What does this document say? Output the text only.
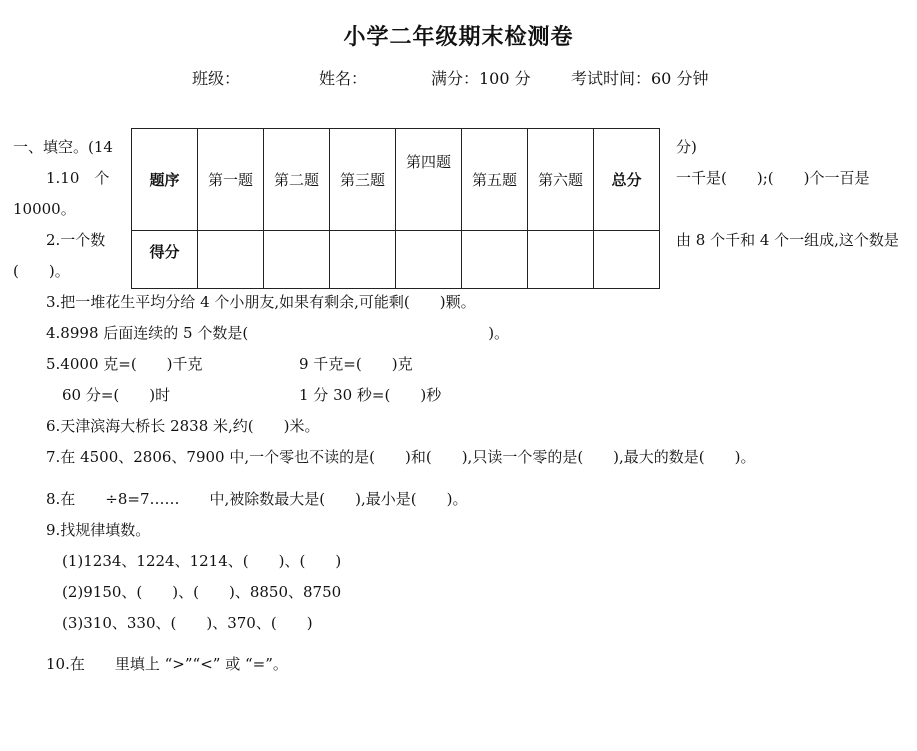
小学二年级期末检测卷
班级：	姓名：	满分：100 分	考试时间：60 分钟
一、填空。(14	分)
1.10　个	一千是(　　);(　　)个一百是
10000。
2.一个数	由 8 个千和 4 个一组成,这个数是
(　　)。
题序	第一题	第二题	第三题	第四题	第五题	第六题	总分
得分							
3.把一堆花生平均分给 4 个小朋友,如果有剩余,可能剩(　　)颗。
4.8998 后面连续的 5 个数是(　　　　　　　　　　　　　　　　)。
5.4000 克=(　　)千克	9 千克=(　　)克
60 分=(　　)时	1 分 30 秒=(　　)秒
6.天津滨海大桥长 2838 米,约(　　)米。
7.在 4500、2806、7900 中,一个零也不读的是(　　)和(　　),只读一个零的是(　　),最大的数是(　　)。
8.在　　÷8=7……　　中,被除数最大是(　　),最小是(　　)。
9.找规律填数。
(1)1234、1224、1214、(　　)、(　　)
(2)9150、(　　)、(　　)、8850、8750
(3)310、330、(　　)、370、(　　)
10.在　　里填上 “>”“<” 或 “=”。
